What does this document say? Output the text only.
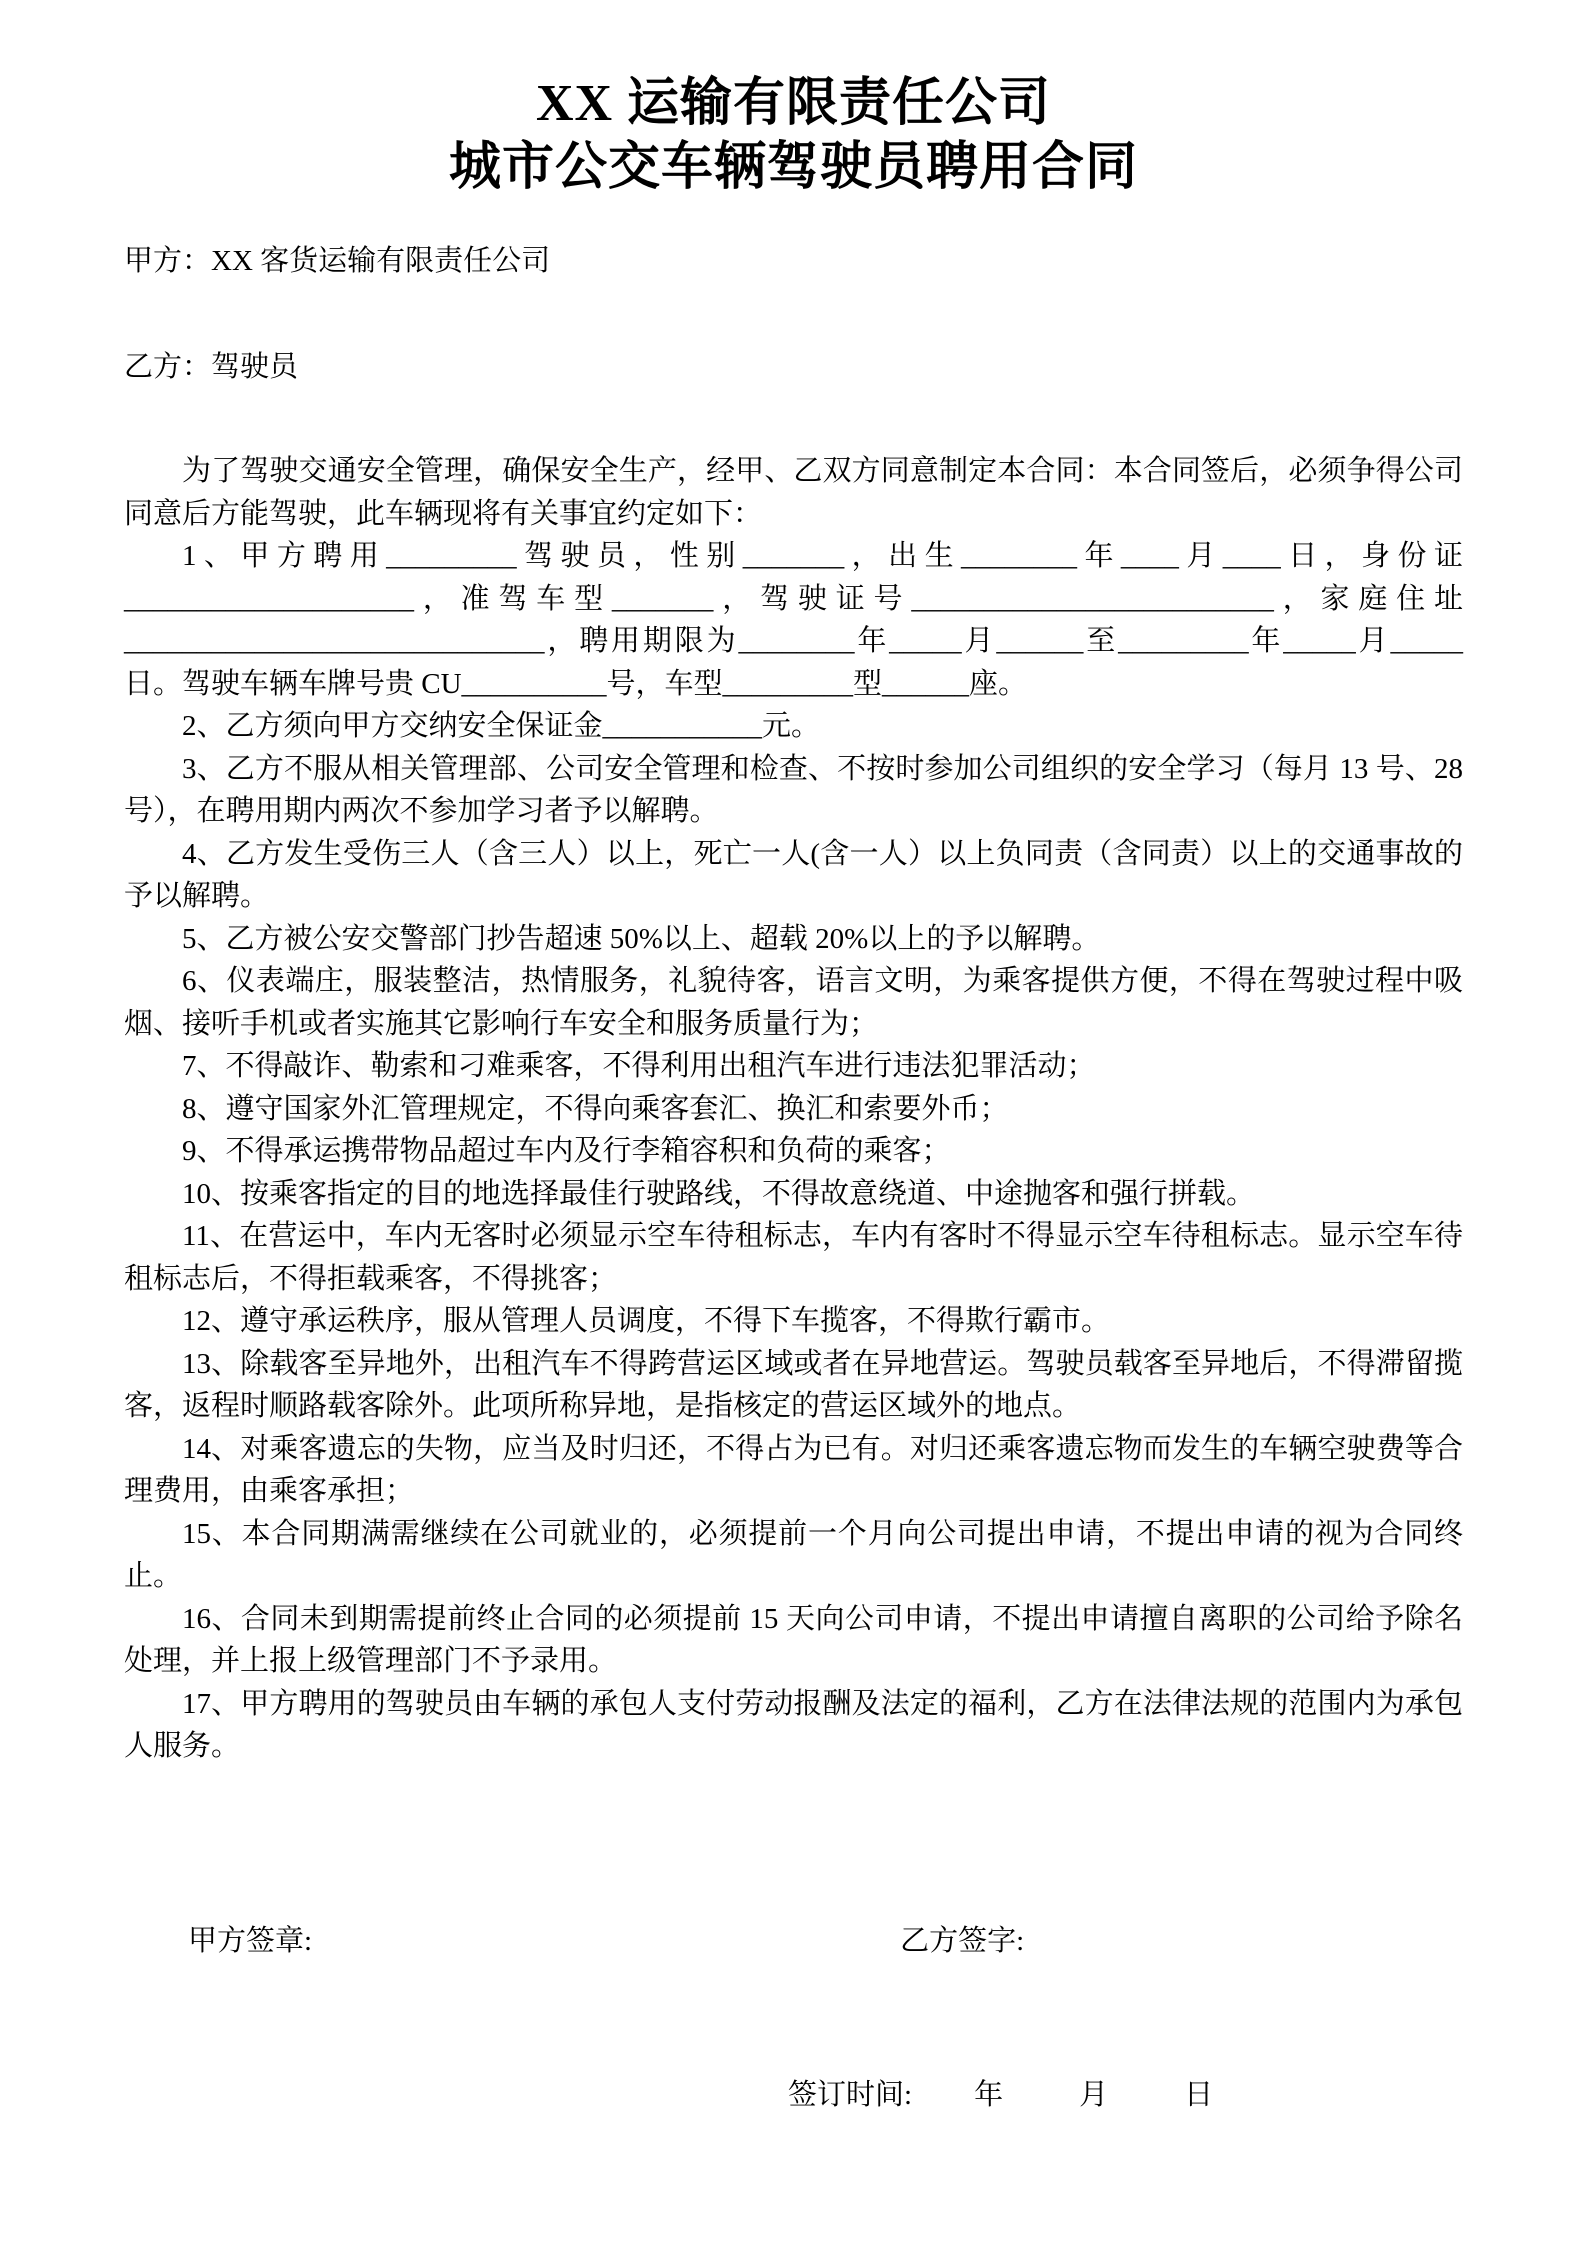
XX 运输有限责任公司
城市公交车辆驾驶员聘用合同

甲方：XX 客货运输有限责任公司

乙方：驾驶员

为了驾驶交通安全管理，确保安全生产，经甲、乙双方同意制定本合同：本合同签后，必须争得公司同意后方能驾驶，此车辆现将有关事宜约定如下：

1、甲方聘用_________驾驶员，性别_______，出生________年____月____日，身份证____________________，准驾车型_______，驾驶证号_________________________，家庭住址 _____________________________，聘用期限为________年_____月______至_________年_____月_____日。驾驶车辆车牌号贵 CU__________号，车型_________型______座。

2、乙方须向甲方交纳安全保证金___________元。

3、乙方不服从相关管理部、公司安全管理和检查、不按时参加公司组织的安全学习（每月 13 号、28 号），在聘用期内两次不参加学习者予以解聘。

4、乙方发生受伤三人（含三人）以上，死亡一人(含一人）以上负同责（含同责）以上的交通事故的予以解聘。

5、乙方被公安交警部门抄告超速 50%以上、超载 20%以上的予以解聘。

6、仪表端庄，服装整洁，热情服务，礼貌待客，语言文明，为乘客提供方便，不得在驾驶过程中吸烟、接听手机或者实施其它影响行车安全和服务质量行为；

7、不得敲诈、勒索和刁难乘客，不得利用出租汽车进行违法犯罪活动；

8、遵守国家外汇管理规定，不得向乘客套汇、换汇和索要外币；

9、不得承运携带物品超过车内及行李箱容积和负荷的乘客；

10、按乘客指定的目的地选择最佳行驶路线，不得故意绕道、中途抛客和强行拼载。

11、在营运中，车内无客时必须显示空车待租标志，车内有客时不得显示空车待租标志。显示空车待租标志后，不得拒载乘客，不得挑客；

12、遵守承运秩序，服从管理人员调度，不得下车揽客，不得欺行霸市。

13、除载客至异地外，出租汽车不得跨营运区域或者在异地营运。驾驶员载客至异地后，不得滞留揽客，返程时顺路载客除外。此项所称异地，是指核定的营运区域外的地点。

14、对乘客遗忘的失物，应当及时归还，不得占为已有。对归还乘客遗忘物而发生的车辆空驶费等合理费用，由乘客承担；

15、本合同期满需继续在公司就业的，必须提前一个月向公司提出申请，不提出申请的视为合同终止。

16、合同未到期需提前终止合同的必须提前 15 天向公司申请，不提出申请擅自离职的公司给予除名处理，并上报上级管理部门不予录用。

17、甲方聘用的驾驶员由车辆的承包人支付劳动报酬及法定的福利，乙方在法律法规的范围内为承包人服务。

甲方签章:	乙方签字:
签订时间: 年	月	日
